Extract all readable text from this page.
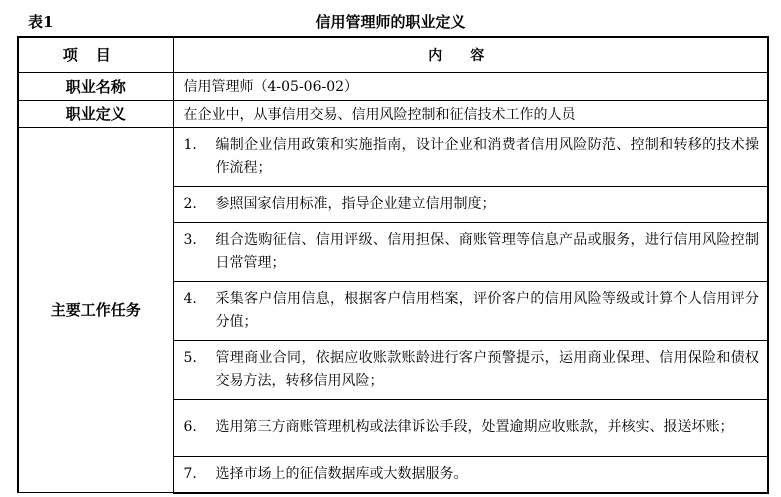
表1	信用管理师的职业定义
项目	内容
职业名称	信用管理师（4-05-06-02）
职业定义	在企业中，从事信用交易、信用风险控制和征信技术工作的人员
主要工作任务	1. 编制企业信用政策和实施指南，设计企业和消费者信用风险防范、控制和转移的技术操作流程；

	2. 参照国家信用标准，指导企业建立信用制度；

	3. 组合选购征信、信用评级、信用担保、商账管理等信息产品或服务，进行信用风险控制日常管理；

	4. 采集客户信用信息，根据客户信用档案，评价客户的信用风险等级或计算个人信用评分分值；

	5. 管理商业合同，依据应收账款账龄进行客户预警提示，运用商业保理、信用保险和债权交易方法，转移信用风险；

	6. 选用第三方商账管理机构或法律诉讼手段，处置逾期应收账款，并核实、报送坏账；

	7. 选择市场上的征信数据库或大数据服务。
